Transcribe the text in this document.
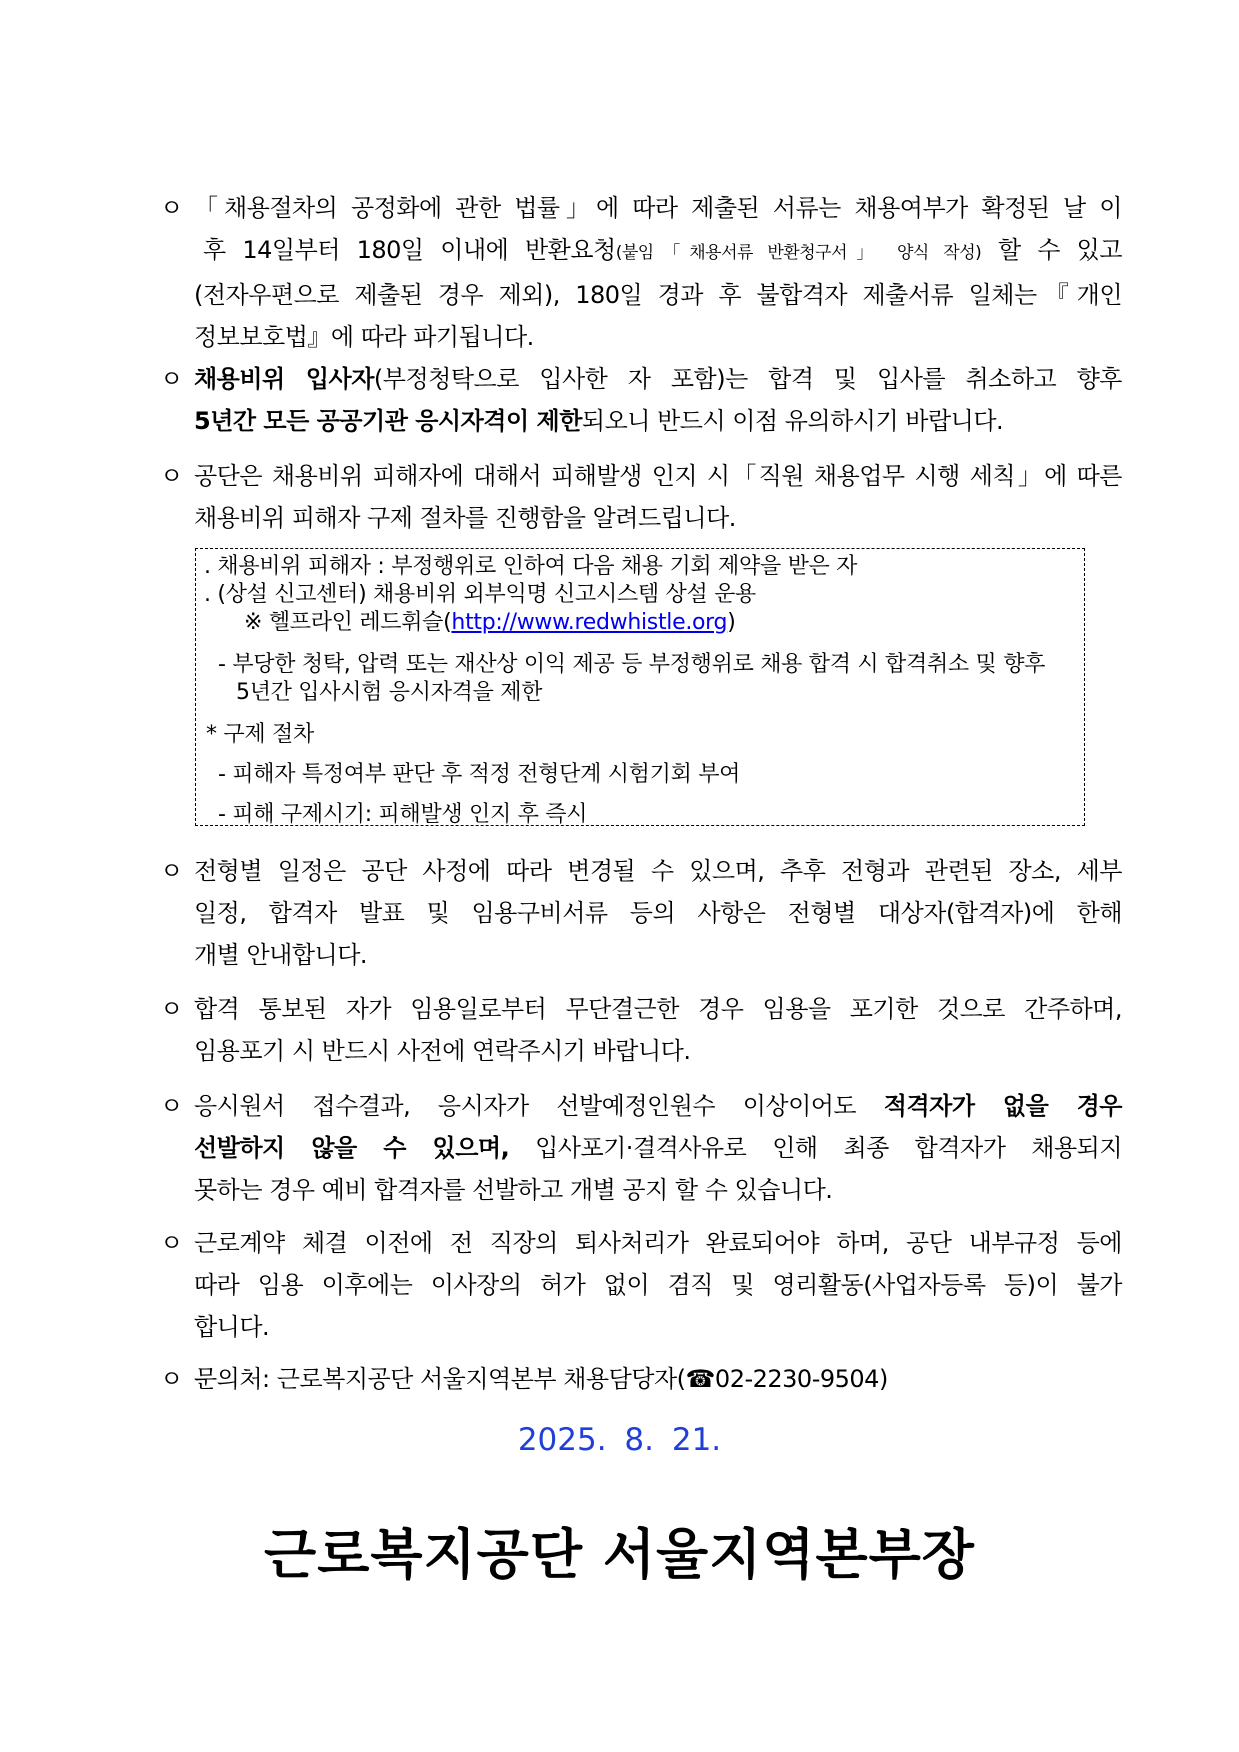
ㅇ 「채용절차의 공정화에 관한 법률」에 따라 제출된 서류는 채용여부가 확정된 날 이
후 14일부터 180일 이내에 반환요청(붙임「채용서류 반환청구서」 양식 작성) 할 수 있고
(전자우편으로 제출된 경우 제외), 180일 경과 후 불합격자 제출서류 일체는『개인
정보보호법』에 따라 파기됩니다.
ㅇ 채용비위 입사자(부정청탁으로 입사한 자 포함)는 합격 및 입사를 취소하고 향후
5년간 모든 공공기관 응시자격이 제한되오니 반드시 이점 유의하시기 바랍니다.
ㅇ 공단은 채용비위 피해자에 대해서 피해발생 인지 시「직원 채용업무 시행 세칙」에 따른
채용비위 피해자 구제 절차를 진행함을 알려드립니다.
. 채용비위 피해자 : 부정행위로 인하여 다음 채용 기회 제약을 받은 자
. (상설 신고센터) 채용비위 외부익명 신고시스템 상설 운용
※ 헬프라인 레드휘슬(http://www.redwhistle.org)
- 부당한 청탁, 압력 또는 재산상 이익 제공 등 부정행위로 채용 합격 시 합격취소 및 향후
5년간 입사시험 응시자격을 제한
* 구제 절차
- 피해자 특정여부 판단 후 적정 전형단계 시험기회 부여
- 피해 구제시기: 피해발생 인지 후 즉시
ㅇ 전형별 일정은 공단 사정에 따라 변경될 수 있으며, 추후 전형과 관련된 장소, 세부
일정, 합격자 발표 및 임용구비서류 등의 사항은 전형별 대상자(합격자)에 한해
개별 안내합니다.
ㅇ 합격 통보된 자가 임용일로부터 무단결근한 경우 임용을 포기한 것으로 간주하며,
임용포기 시 반드시 사전에 연락주시기 바랍니다.
ㅇ 응시원서 접수결과, 응시자가 선발예정인원수 이상이어도 적격자가 없을 경우
선발하지 않을 수 있으며, 입사포기·결격사유로 인해 최종 합격자가 채용되지
못하는 경우 예비 합격자를 선발하고 개별 공지 할 수 있습니다.
ㅇ 근로계약 체결 이전에 전 직장의 퇴사처리가 완료되어야 하며, 공단 내부규정 등에
따라 임용 이후에는 이사장의 허가 없이 겸직 및 영리활동(사업자등록 등)이 불가
합니다.
ㅇ 문의처: 근로복지공단 서울지역본부 채용담당자(☎02-2230-9504)
2025. 8. 21.
근로복지공단 서울지역본부장
